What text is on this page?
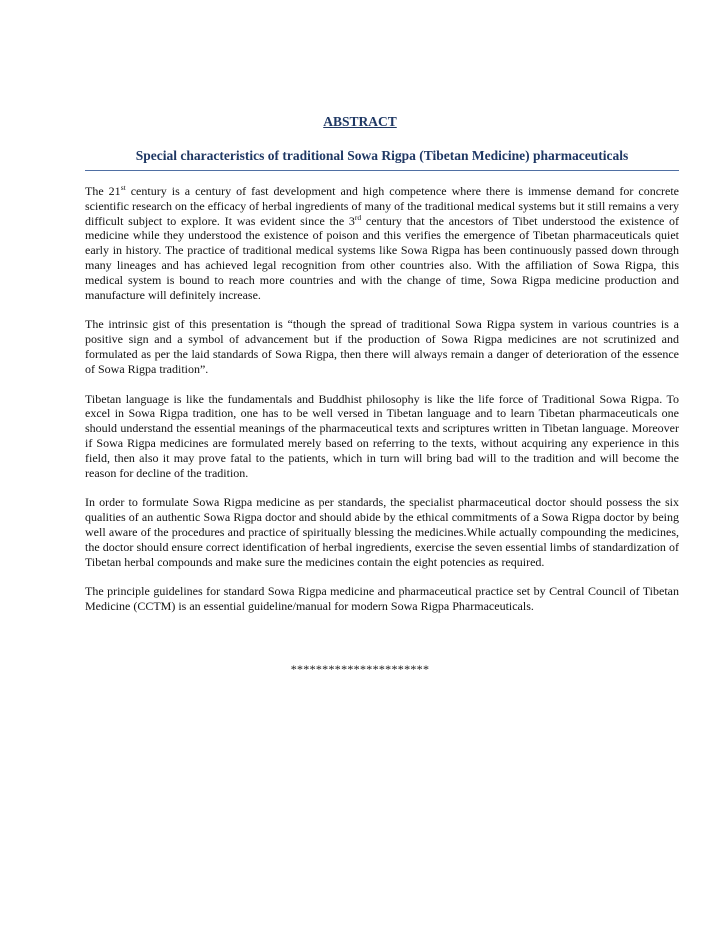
ABSTRACT
Special characteristics of traditional Sowa Rigpa (Tibetan Medicine) pharmaceuticals

The 21st century is a century of fast development and high competence where there is immense demand for concrete scientific research on the efficacy of herbal ingredients of many of the traditional medical systems but it still remains a very difficult subject to explore. It was evident since the 3rd century that the ancestors of Tibet understood the existence of medicine while they understood the existence of poison and this verifies the emergence of Tibetan pharmaceuticals quiet early in history. The practice of traditional medical systems like Sowa Rigpa has been continuously passed down through many lineages and has achieved legal recognition from other countries also. With the affiliation of Sowa Rigpa, this medical system is bound to reach more countries and with the change of time, Sowa Rigpa medicine production and manufacture will definitely increase.

The intrinsic gist of this presentation is “though the spread of traditional Sowa Rigpa system in various countries is a positive sign and a symbol of advancement but if the production of Sowa Rigpa medicines are not scrutinized and formulated as per the laid standards of Sowa Rigpa, then there will always remain a danger of deterioration of the essence of Sowa Rigpa tradition”.

Tibetan language is like the fundamentals and Buddhist philosophy is like the life force of Traditional Sowa Rigpa. To excel in Sowa Rigpa tradition, one has to be well versed in Tibetan language and to learn Tibetan pharmaceuticals one should understand the essential meanings of the pharmaceutical texts and scriptures written in Tibetan language. Moreover if Sowa Rigpa medicines are formulated merely based on referring to the texts, without acquiring any experience in this field, then also it may prove fatal to the patients, which in turn will bring bad will to the tradition and will become the reason for decline of the tradition.

In order to formulate Sowa Rigpa medicine as per standards, the specialist pharmaceutical doctor should possess the six qualities of an authentic Sowa Rigpa doctor and should abide by the ethical commitments of a Sowa Rigpa doctor by being well aware of the procedures and practice of spiritually blessing the medicines.While actually compounding the medicines, the doctor should ensure correct identification of herbal ingredients, exercise the seven essential limbs of standardization of Tibetan herbal compounds and make sure the medicines contain the eight potencies as required.

The principle guidelines for standard Sowa Rigpa medicine and pharmaceutical practice set by Central Council of Tibetan Medicine (CCTM) is an essential guideline/manual for modern Sowa Rigpa Pharmaceuticals.

**********************
